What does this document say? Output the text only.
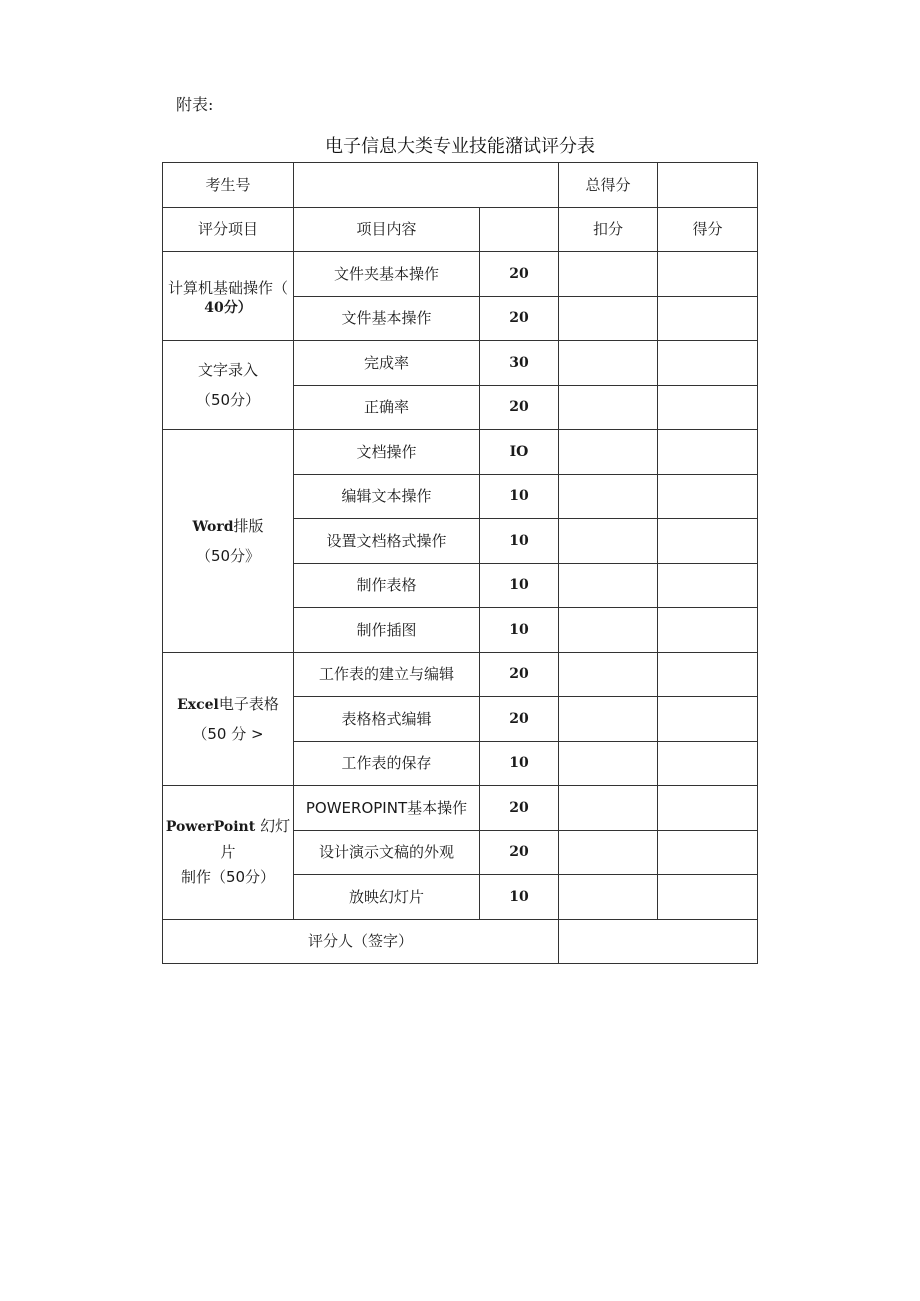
附表:
电子信息大类专业技能潴试评分表
考生号			总得分	
评分项目	项目内容		扣分	得分

计算机基础操作（
40分）	文件夹基本操作	20		
	文件基本操作	20		

文字录入
（50分）	完成率	30		
	正确率	20		

Word排版
（50分》	文档操作	IO		
	编辑文本操作	10		
	设置文档格式操作	10		
	制作表格	10		
	制作插图	10		

Excel电子表格
（50 分 >	工作表的建立与编辑	20		
	表格格式编辑	20		
	工作表的保存	10		

PowerPoint 幻灯片
制作（50分）	POWEROPINT基本操作	20		
	设计演示文稿的外观	20		
	放映幻灯片	10		
评分人（签字）				
